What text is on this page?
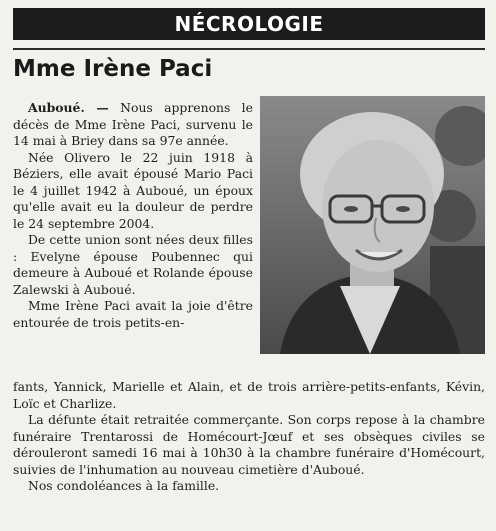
NÉCROLOGIE
Mme Irène Paci

Auboué. — Nous apprenons le décès de Mme Irène Paci, survenu le 14 mai à Briey dans sa 97e année.

Née Olivero le 22 juin 1918 à Béziers, elle avait épousé Mario Paci le 4 juillet 1942 à Auboué, un époux qu'elle avait eu la douleur de perdre le 24 septembre 2004.

De cette union sont nées deux filles : Evelyne épouse Poubennec qui demeure à Auboué et Rolande épouse Zalewski à Auboué.

Mme Irène Paci avait la joie d'être entourée de trois petits-en-

fants, Yannick, Marielle et Alain, et de trois arrière-petits-enfants, Kévin, Loïc et Charlize.

La défunte était retraitée commerçante. Son corps repose à la chambre funéraire Trentarossi de Homécourt-Jœuf et ses obsèques civiles se dérouleront samedi 16 mai à 10h30 à la chambre funéraire d'Homécourt, suivies de l'inhumation au nouveau cimetière d'Auboué.

Nos condoléances à la famille.
